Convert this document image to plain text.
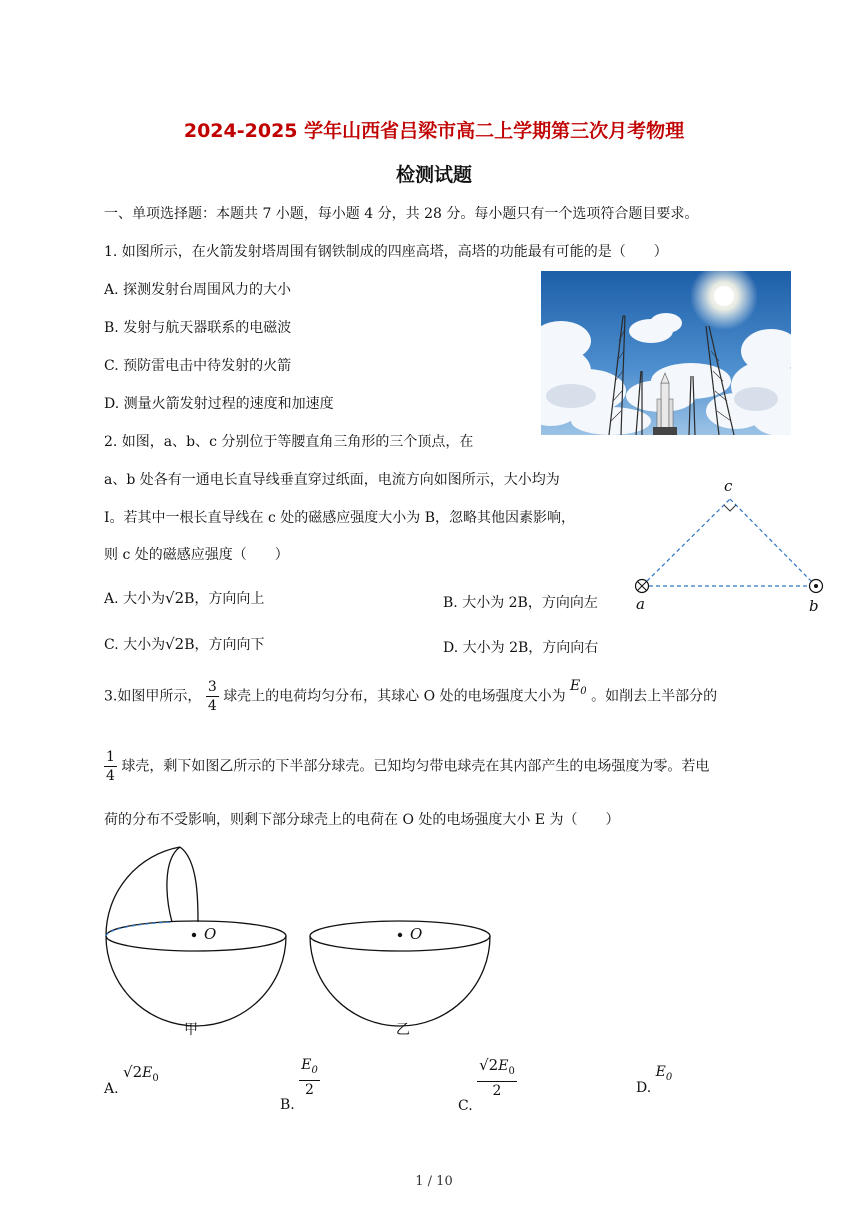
2024-2025 学年山西省吕梁市高二上学期第三次月考物理
检测试题
一、单项选择题：本题共 7 小题，每小题 4 分，共 28 分。每小题只有一个选项符合题目要求。
1. 如图所示，在火箭发射塔周围有钢铁制成的四座高塔，高塔的功能最有可能的是（　　）
A. 探测发射台周围风力的大小
B. 发射与航天器联系的电磁波
C. 预防雷电击中待发射的火箭
D. 测量火箭发射过程的速度和加速度
2. 如图，a、b、c 分别位于等腰直角三角形的三个顶点，在
a、b 处各有一通电长直导线垂直穿过纸面，电流方向如图所示，大小均为
I。若其中一根长直导线在 c 处的磁感应强度大小为 B，忽略其他因素影响，
则 c 处的磁感应强度（　　）
c
a	b
A. 大小为√2B，方向向上	B. 大小为 2B，方向向左
C. 大小为√2B，方向向下	D. 大小为 2B，方向向右
3.如图甲所示， $\frac{3}{4}$ 球壳上的电荷均匀分布，其球心 O 处的电场强度大小为 $E_0$ 。如削去上半部分的
$\frac{1}{4}$ 球壳，剩下如图乙所示的下半部分球壳。已知均匀带电球壳在其内部产生的电场强度为零。若电
荷的分布不受影响，则剩下部分球壳上的电荷在 O 处的电场强度大小 E 为（　　）
O	O
甲	乙
A. $√2E_0$
B.
$\frac{E_0}{2}$
C.
$\frac{√2E_0}{2}$	D. $E_0$
1 / 10
